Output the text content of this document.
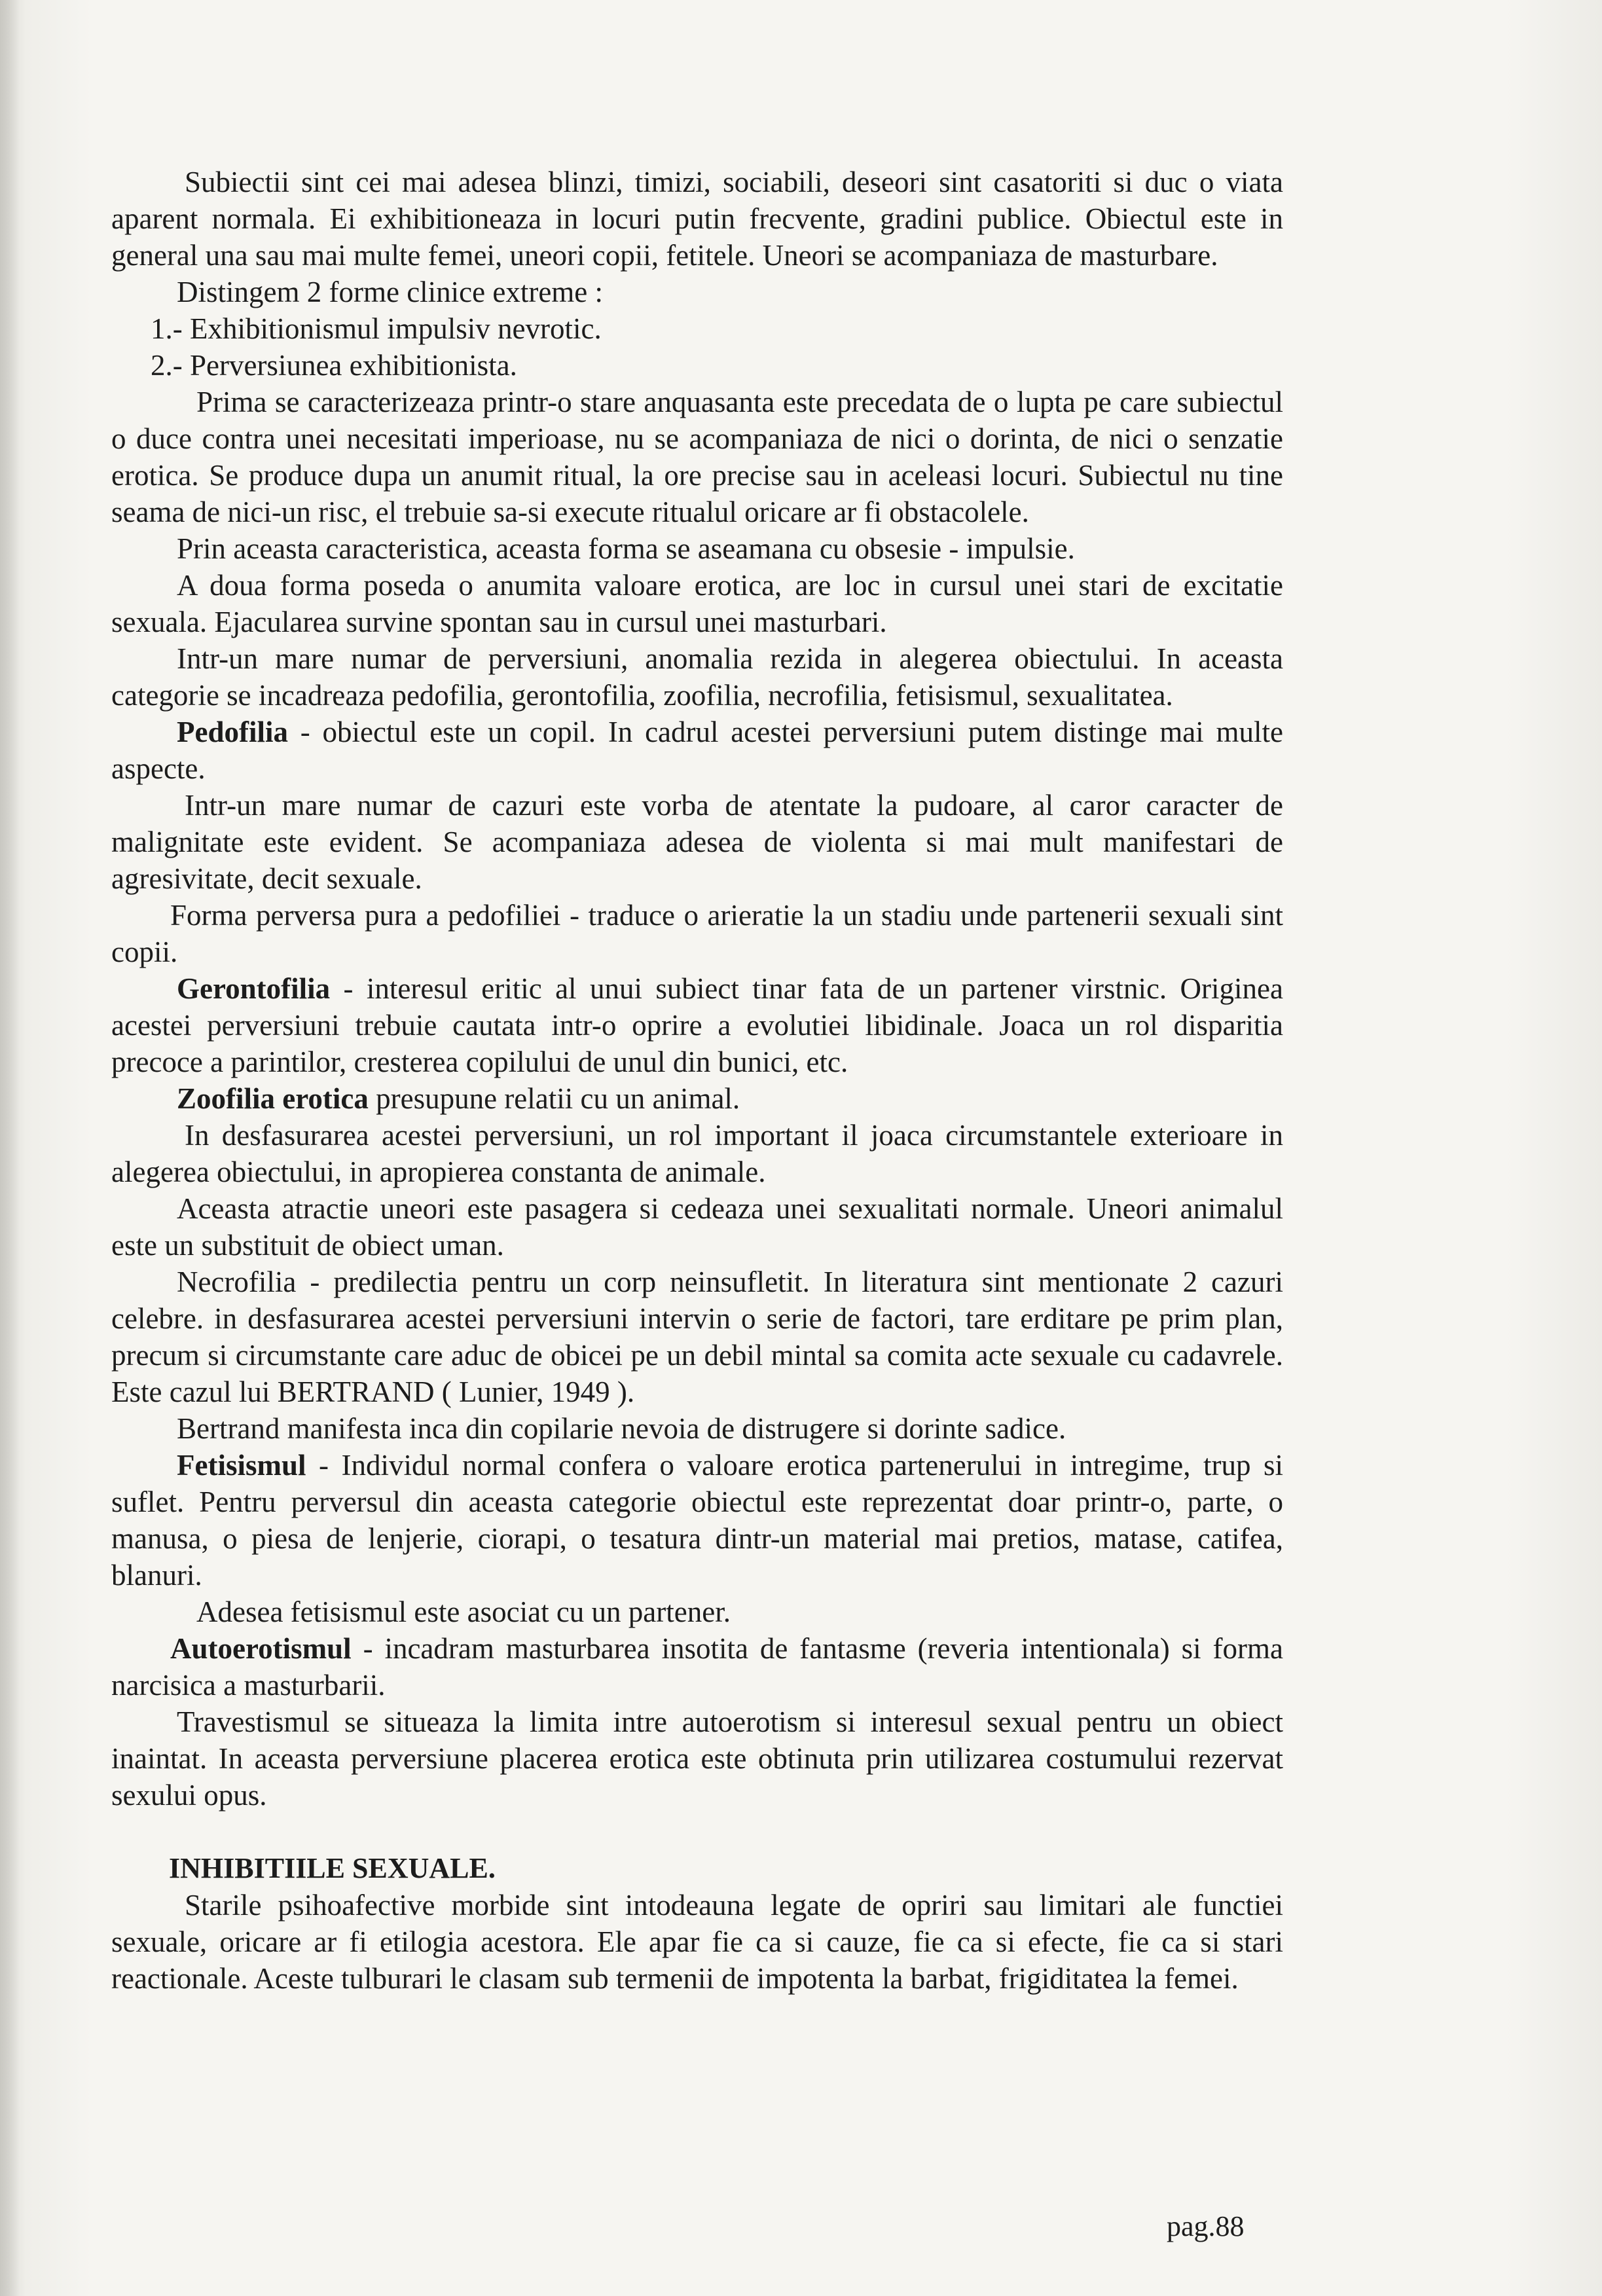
Subiectii sint cei mai adesea blinzi, timizi, sociabili, deseori sint casatoriti si duc o viata aparent normala. Ei exhibitioneaza in locuri putin frecvente, gradini publice. Obiectul este in general una sau mai multe femei, uneori copii, fetitele. Uneori se acompaniaza de masturbare.

Distingem 2 forme clinice extreme :

1.- Exhibitionismul impulsiv nevrotic.

2.- Perversiunea exhibitionista.

Prima se caracterizeaza printr-o stare anquasanta este precedata de o lupta pe care subiectul o duce contra unei necesitati imperioase, nu se acompaniaza de nici o dorinta, de nici o senzatie erotica. Se produce dupa un anumit ritual, la ore precise sau in aceleasi locuri. Subiectul nu tine seama de nici-un risc, el trebuie sa-si execute ritualul oricare ar fi obstacolele.

Prin aceasta caracteristica, aceasta forma se aseamana cu obsesie - impulsie.

A doua forma poseda o anumita valoare erotica, are loc in cursul unei stari de excitatie sexuala. Ejacularea survine spontan sau in cursul unei masturbari.

Intr-un mare numar de perversiuni, anomalia rezida in alegerea obiectului. In aceasta categorie se incadreaza pedofilia, gerontofilia, zoofilia, necrofilia, fetisismul, sexualitatea.

Pedofilia - obiectul este un copil. In cadrul acestei perversiuni putem distinge mai multe aspecte.

Intr-un mare numar de cazuri este vorba de atentate la pudoare, al caror caracter de malignitate este evident. Se acompaniaza adesea de violenta si mai mult manifestari de agresivitate, decit sexuale.

Forma perversa pura a pedofiliei - traduce o arieratie la un stadiu unde partenerii sexuali sint copii.

Gerontofilia - interesul eritic al unui subiect tinar fata de un partener virstnic. Originea acestei perversiuni trebuie cautata intr-o oprire a evolutiei libidinale. Joaca un rol disparitia precoce a parintilor, cresterea copilului de unul din bunici, etc.

Zoofilia erotica presupune relatii cu un animal.

In desfasurarea acestei perversiuni, un rol important il joaca circumstantele exterioare in alegerea obiectului, in apropierea constanta de animale.

Aceasta atractie uneori este pasagera si cedeaza unei sexualitati normale. Uneori animalul este un substituit de obiect uman.

Necrofilia - predilectia pentru un corp neinsufletit. In literatura sint mentionate 2 cazuri celebre. in desfasurarea acestei perversiuni intervin o serie de factori, tare erditare pe prim plan, precum si circumstante care aduc de obicei pe un debil mintal sa comita acte sexuale cu cadavrele. Este cazul lui BERTRAND ( Lunier, 1949 ).

Bertrand manifesta inca din copilarie nevoia de distrugere si dorinte sadice.

Fetisismul - Individul normal confera o valoare erotica partenerului in intregime, trup si suflet. Pentru perversul din aceasta categorie obiectul este reprezentat doar printr-o, parte, o manusa, o piesa de lenjerie, ciorapi, o tesatura dintr-un material mai pretios, matase, catifea, blanuri.

Adesea fetisismul este asociat cu un partener.

Autoerotismul - incadram masturbarea insotita de fantasme (reveria intentionala) si forma narcisica a masturbarii.

Travestismul se situeaza la limita intre autoerotism si interesul sexual pentru un obiect inaintat. In aceasta perversiune placerea erotica este obtinuta prin utilizarea costumului rezervat sexului opus.

INHIBITIILE SEXUALE.

Starile psihoafective morbide sint intodeauna legate de opriri sau limitari ale functiei sexuale, oricare ar fi etilogia acestora. Ele apar fie ca si cauze, fie ca si efecte, fie ca si stari reactionale. Aceste tulburari le clasam sub termenii de impotenta la barbat, frigiditatea la femei.

pag.88
